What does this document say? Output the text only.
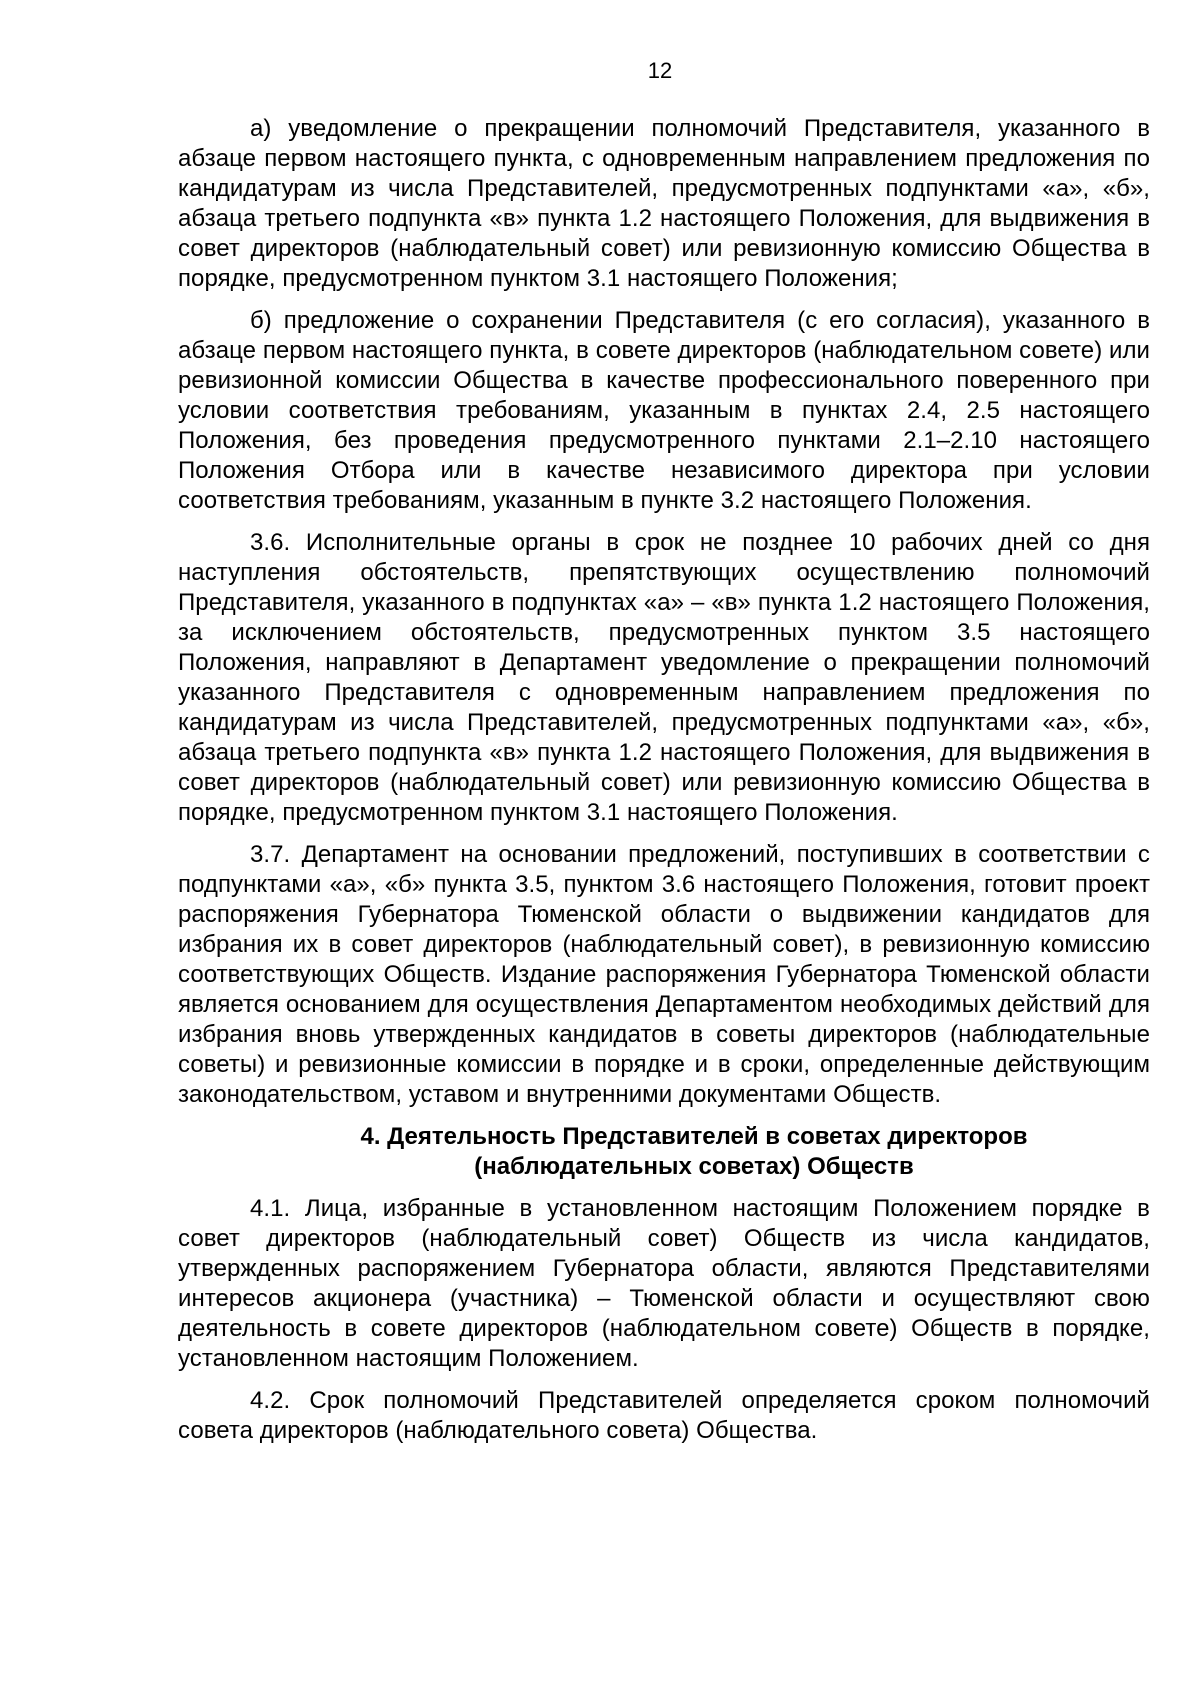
12

а) уведомление о прекращении полномочий Представителя, указанного в абзаце первом настоящего пункта, с одновременным направлением предложения по кандидатурам из числа Представителей, предусмотренных подпунктами «а», «б», абзаца третьего подпункта «в» пункта 1.2 настоящего Положения, для выдвижения в совет директоров (наблюдательный совет) или ревизионную комиссию Общества в порядке, предусмотренном пунктом 3.1 настоящего Положения;

б) предложение о сохранении Представителя (с его согласия), указанного в абзаце первом настоящего пункта, в совете директоров (наблюдательном совете) или ревизионной комиссии Общества в качестве профессионального поверенного при условии соответствия требованиям, указанным в пунктах 2.4, 2.5 настоящего Положения, без проведения предусмотренного пунктами 2.1–2.10 настоящего Положения Отбора или в качестве независимого директора при условии соответствия требованиям, указанным в пункте 3.2 настоящего Положения.

3.6. Исполнительные органы в срок не позднее 10 рабочих дней со дня наступления обстоятельств, препятствующих осуществлению полномочий Представителя, указанного в подпунктах «а» – «в» пункта 1.2 настоящего Положения, за исключением обстоятельств, предусмотренных пунктом 3.5 настоящего Положения, направляют в Департамент уведомление о прекращении полномочий указанного Представителя с одновременным направлением предложения по кандидатурам из числа Представителей, предусмотренных подпунктами «а», «б», абзаца третьего подпункта «в» пункта 1.2 настоящего Положения, для выдвижения в совет директоров (наблюдательный совет) или ревизионную комиссию Общества в порядке, предусмотренном пунктом 3.1 настоящего Положения.

3.7. Департамент на основании предложений, поступивших в соответствии с подпунктами «а», «б» пункта 3.5, пунктом 3.6 настоящего Положения, готовит проект распоряжения Губернатора Тюменской области о выдвижении кандидатов для избрания их в совет директоров (наблюдательный совет), в ревизионную комиссию соответствующих Обществ. Издание распоряжения Губернатора Тюменской области является основанием для осуществления Департаментом необходимых действий для избрания вновь утвержденных кандидатов в советы директоров (наблюдательные советы) и ревизионные комиссии в порядке и в сроки, определенные действующим законодательством, уставом и внутренними документами Обществ.

4. Деятельность Представителей в советах директоров
(наблюдательных советах) Обществ

4.1. Лица, избранные в установленном настоящим Положением порядке в совет директоров (наблюдательный совет) Обществ из числа кандидатов, утвержденных распоряжением Губернатора области, являются Представителями интересов акционера (участника) – Тюменской области и осуществляют свою деятельность в совете директоров (наблюдательном совете) Обществ в порядке, установленном настоящим Положением.

4.2. Срок полномочий Представителей определяется сроком полномочий совета директоров (наблюдательного совета) Общества.
